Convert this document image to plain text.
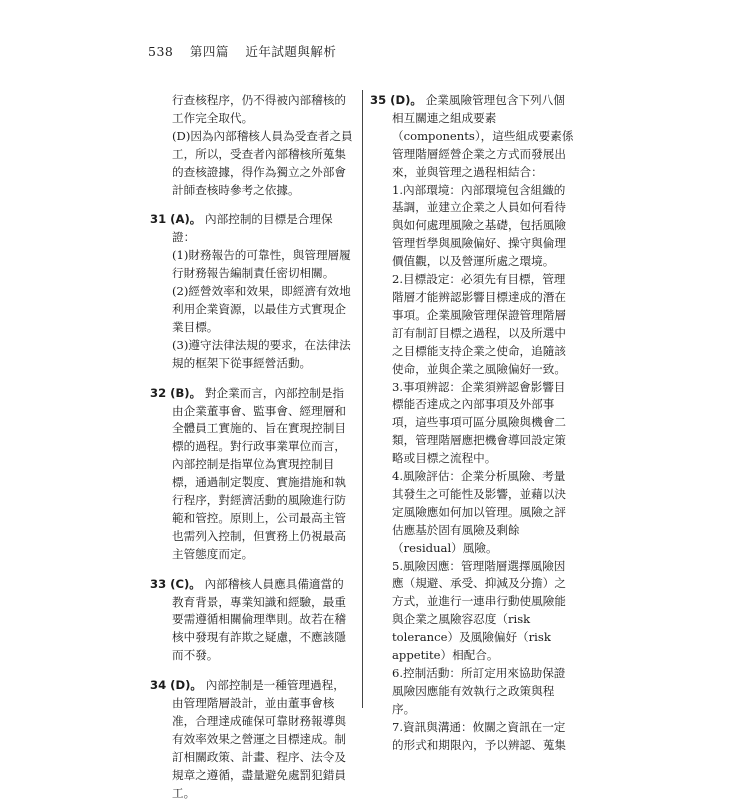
538 第四篇 近年試題與解析

行查核程序，仍不得被內部稽核的工作完全取代。

(D)因為內部稽核人員為受查者之員工，所以，受查者內部稽核所蒐集的查核證據，得作為獨立之外部會計師查核時參考之依據。

31 (A)。 內部控制的目標是合理保證：

(1)財務報告的可靠性，與管理層履行財務報告編制責任密切相關。

(2)經營效率和效果，即經濟有效地利用企業資源，以最佳方式實現企業目標。

(3)遵守法律法規的要求，在法律法規的框架下從事經營活動。

32 (B)。 對企業而言，內部控制是指由企業董事會、監事會、經理層和全體員工實施的、旨在實現控制目標的過程。對行政事業單位而言，內部控制是指單位為實現控制目標，通過制定製度、實施措施和執行程序，對經濟活動的風險進行防範和管控。原則上，公司最高主管也需列入控制，但實務上仍視最高主管態度而定。
33 (C)。 內部稽核人員應具備適當的教育背景，專業知識和經驗，最重要需遵循相關倫理準則。故若在稽核中發現有詐欺之疑慮，不應該隱而不發。
34 (D)。 內部控制是一種管理過程，由管理階層設計，並由董事會核准，合理達成確保可靠財務報導與有效率效果之營運之目標達成。制訂相關政策、計畫、程序、法令及規章之遵循，盡量避免處罰犯錯員工。
35 (D)。 企業風險管理包含下列八個相互關連之組成要素（components），這些組成要素係管理階層經營企業之方式而發展出來，並與管理之過程相結合：

1.內部環境：內部環境包含組織的基調，並建立企業之人員如何看待與如何處理風險之基礎，包括風險管理哲學與風險偏好、操守與倫理價值觀，以及營運所處之環境。

2.目標設定：必須先有目標，管理階層才能辨認影響目標達成的潛在事項。企業風險管理保證管理階層訂有制訂目標之過程，以及所選中之目標能支持企業之使命，追隨該使命，並與企業之風險偏好一致。

3.事項辨認：企業須辨認會影響目標能否達成之內部事項及外部事項，這些事項可區分風險與機會二類，管理階層應把機會導回設定策略或目標之流程中。

4.風險評估：企業分析風險、考量其發生之可能性及影響，並藉以決定風險應如何加以管理。風險之評估應基於固有風險及剩餘（residual）風險。

5.風險因應：管理階層選擇風險因應（規避、承受、抑減及分擔）之方式，並進行一連串行動使風險能與企業之風險容忍度（risk tolerance）及風險偏好（risk appetite）相配合。

6.控制活動：所訂定用來協助保證風險因應能有效執行之政策與程序。

7.資訊與溝通：攸關之資訊在一定的形式和期限內，予以辨認、蒐集
